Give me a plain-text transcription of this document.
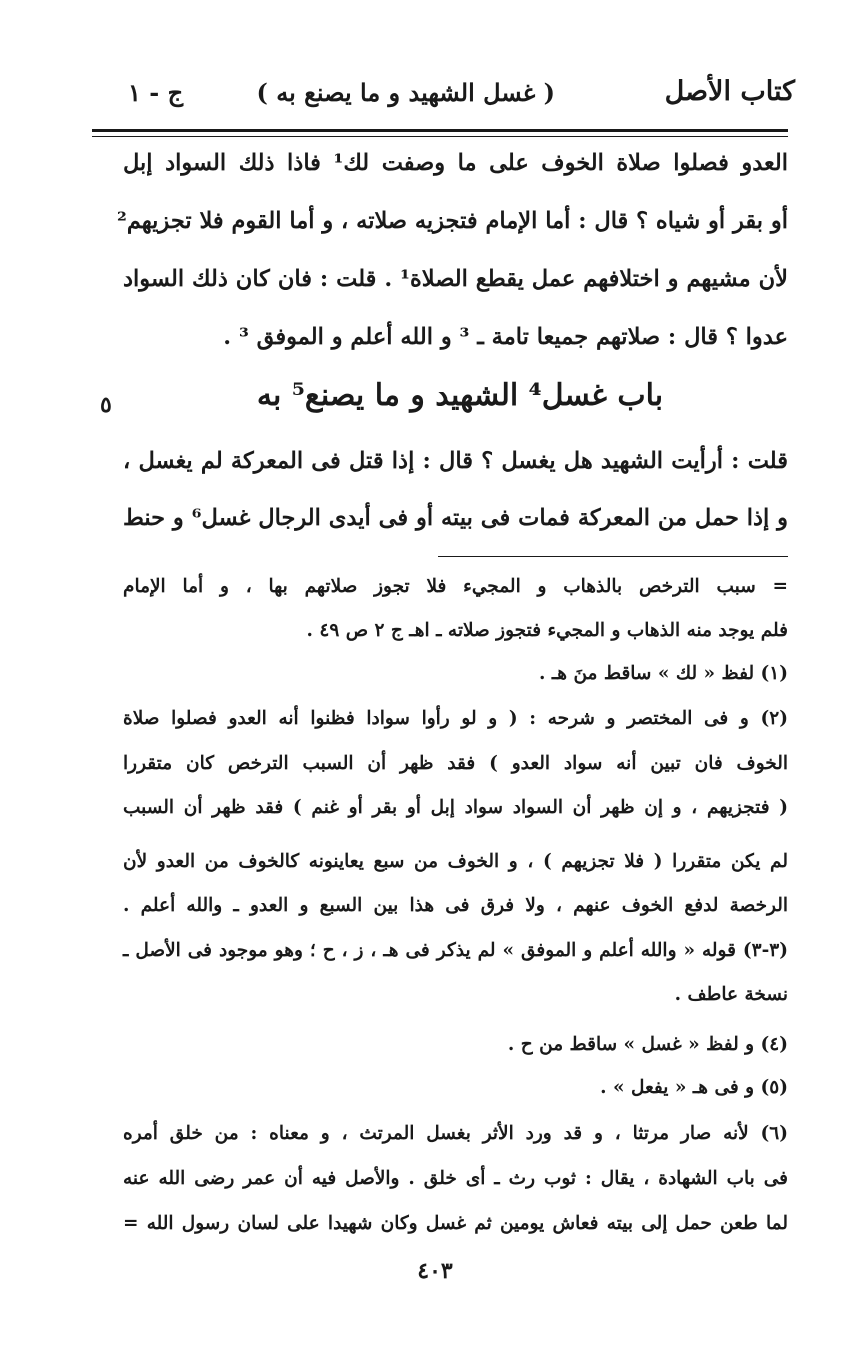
كتاب الأصل
( غسل الشهيد و ما يصنع به )
ج - ١
العدو فصلوا صلاة الخوف على ما وصفت لك¹ فاذا ذلك السواد إبل
أو بقر أو شياه ؟ قال : أما الإمام فتجزيه صلاته ، و أما القوم فلا تجزيهم²
لأن مشيهم و اختلافهم عمل يقطع الصلاة¹ . قلت : فان كان ذلك السواد
عدوا ؟ قال : صلاتهم جميعا تامة ـ ³ و الله أعلم و الموفق ³ .
باب غسل⁴ الشهيد و ما يصنع⁵ به
٥
قلت : أرأيت الشهيد هل يغسل ؟ قال : إذا قتل فى المعركة لم يغسل ،
و إذا حمل من المعركة فمات فى بيته أو فى أيدى الرجال غسل⁶ و حنط
= سبب الترخص بالذهاب و المجيء فلا تجوز صلاتهم بها ، و أما الإمام
فلم يوجد منه الذهاب و المجيء فتجوز صلاته ـ اهـ ج ٢ ص ٤٩ .
(١) لفظ « لك » ساقط منَ هـ .
(٢) و فى المختصر و شرحه : ( و لو رأوا سوادا فظنوا أنه العدو فصلوا صلاة
الخوف فان تبين أنه سواد العدو ) فقد ظهر أن السبب الترخص كان متقررا
( فتجزيهم ، و إن ظهر أن السواد سواد إبل أو بقر أو غنم ) فقد ظهر أن السبب
لم يكن متقررا ( فلا تجزيهم ) ، و الخوف من سبع يعاينونه كالخوف من العدو لأن
الرخصة لدفع الخوف عنهم ، ولا فرق فى هذا بين السبع و العدو ـ والله أعلم .
(٣-٣) قوله « والله أعلم و الموفق » لم يذكر فى هـ ، ز ، ح ؛ وهو موجود فى الأصل ـ
نسخة عاطف .
(٤) و لفظ « غسل » ساقط من ح .
(٥) و فى هـ « يفعل » .
(٦) لأنه صار مرتثا ، و قد ورد الأثر بغسل المرتث ، و معناه : من خلق أمره
فى باب الشهادة ، يقال : ثوب رث ـ أى خلق . والأصل فيه أن عمر رضى الله عنه
لما طعن حمل إلى بيته فعاش يومين ثم غسل وكان شهيدا على لسان رسول الله =
٤٠٣
